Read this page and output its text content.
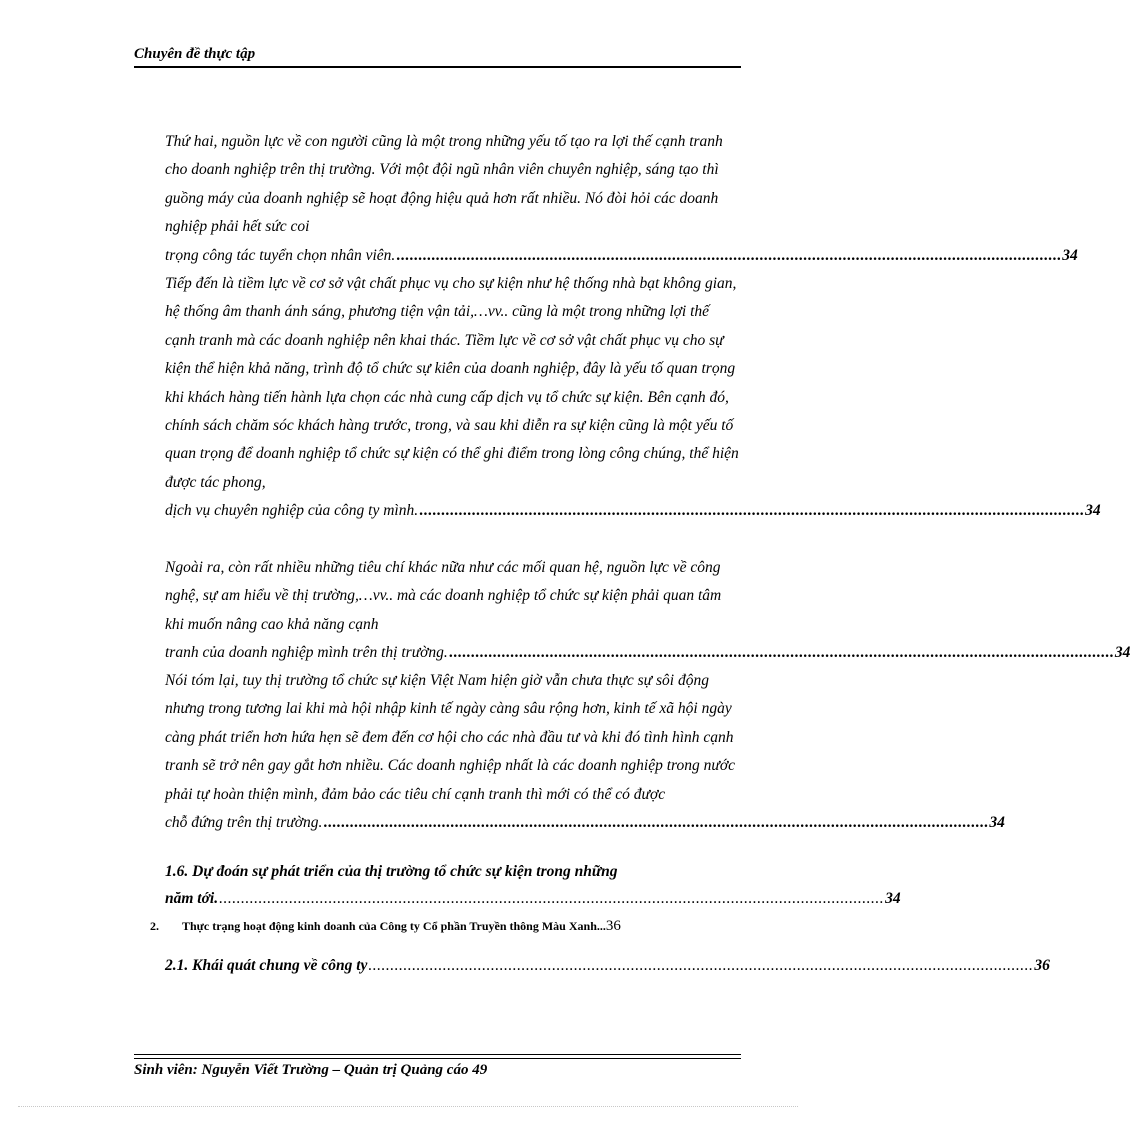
Chuyên đề thực tập
Thứ hai, nguồn lực về con người cũng là một trong những yếu tố tạo ra lợi thế cạnh tranh cho doanh nghiệp trên thị trường. Với một đội ngũ nhân viên chuyên nghiệp, sáng tạo thì guồng máy của doanh nghiệp sẽ hoạt động hiệu quả hơn rất nhiều. Nó đòi hỏi các doanh nghiệp phải hết sức coi
trọng công tác tuyển chọn nhân viên. ........................................................................................................................................................ 34
Tiếp đến là tiềm lực về cơ sở vật chất phục vụ cho sự kiện như hệ thống nhà bạt không gian, hệ thống âm thanh ánh sáng, phương tiện vận tải,…vv.. cũng là một trong những lợi thế cạnh tranh mà các doanh nghiệp nên khai thác. Tiềm lực về cơ sở vật chất phục vụ cho sự kiện thể hiện khả năng, trình độ tổ chức sự kiên của doanh nghiệp, đây là yếu tố quan trọng khi khách hàng tiến hành lựa chọn các nhà cung cấp dịch vụ tổ chức sự kiện. Bên cạnh đó, chính sách chăm sóc khách hàng trước, trong, và sau khi diễn ra sự kiện cũng là một yếu tố quan trọng để doanh nghiệp tổ chức sự kiện có thể ghi điểm trong lòng công chúng, thể hiện được tác phong,
dịch vụ chuyên nghiệp của công ty mình. ........................................................................................................................................................ 34
Ngoài ra, còn rất nhiều những tiêu chí khác nữa như các mối quan hệ, nguồn lực về công nghệ, sự am hiểu về thị trường,…vv.. mà các doanh nghiệp tổ chức sự kiện phải quan tâm khi muốn nâng cao khả năng cạnh
tranh của doanh nghiệp mình trên thị trường. ........................................................................................................................................................ 34
Nói tóm lại, tuy thị trường tổ chức sự kiện Việt Nam hiện giờ vẫn chưa thực sự sôi động nhưng trong tương lai khi mà hội nhập kinh tế ngày càng sâu rộng hơn, kinh tế xã hội ngày càng phát triển hơn hứa hẹn sẽ đem đến cơ hội cho các nhà đầu tư và khi đó tình hình cạnh tranh sẽ trở nên gay gắt hơn nhiều. Các doanh nghiệp nhất là các doanh nghiệp trong nước phải tự hoàn thiện mình, đảm bảo các tiêu chí cạnh tranh thì mới có thể có được
chỗ đứng trên thị trường. ........................................................................................................................................................ 34
1.6. Dự đoán sự phát triển của thị trường tổ chức sự kiện trong những
năm tới. ........................................................................................................................................................ 34
2.	Thực trạng hoạt động kinh doanh của Công ty Cổ phần Truyền thông Màu Xanh ... 36
2.1. Khái quát chung về công ty ........................................................................................................................................................ 36
Sinh viên: Nguyễn Viết Trường – Quản trị Quảng cáo 49
